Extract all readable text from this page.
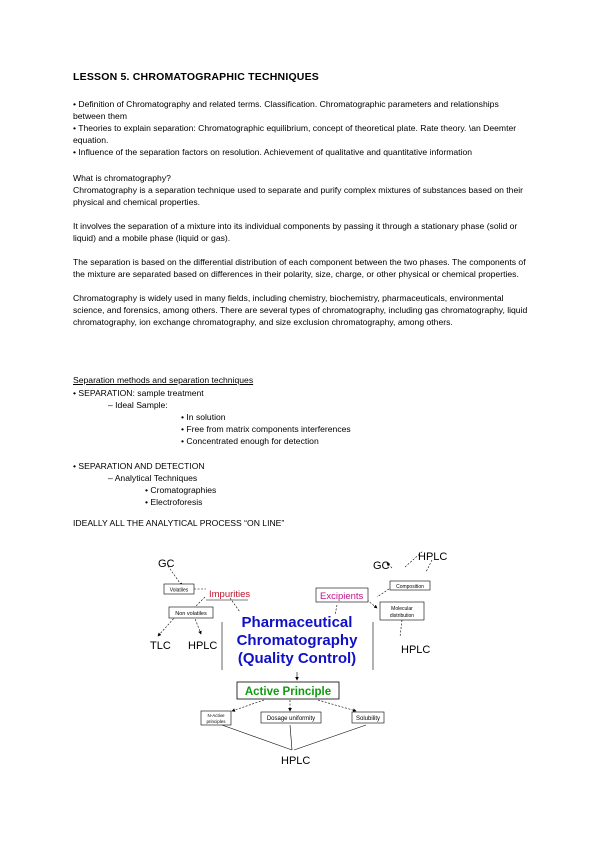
LESSON 5. CHROMATOGRAPHIC TECHNIQUES

• Definition of Chromatography and related terms. Classification. Chromatographic parameters and relationships between them

• Theories to explain separation: Chromatographic equilibrium, concept of theoretical plate. Rate theory. \an Deemter equation.

• Influence of the separation factors on resolution. Achievement of qualitative and quantitative information

What is chromatography?
Chromatography is a separation technique used to separate and purify complex mixtures of substances based on their physical and chemical properties.

It involves the separation of a mixture into its individual components by passing it through a stationary phase (solid or liquid) and a mobile phase (liquid or gas).

The separation is based on the differential distribution of each component between the two phases. The components of the mixture are separated based on differences in their polarity, size, charge, or other physical or chemical properties.

Chromatography is widely used in many fields, including chemistry, biochemistry, pharmaceuticals, environmental science, and forensics, among others. There are several types of chromatography, including gas chromatography, liquid chromatography, ion exchange chromatography, and size exclusion chromatography, among others.

Separation methods and separation techniques
• SEPARATION: sample treatment
– Ideal Sample:
• In solution
• Free from matrix components interferences
• Concentrated enough for detection
• SEPARATION AND DETECTION
– Analytical Techniques
• Cromatographies
• Electroforesis
IDEALLY ALL THE ANALYTICAL PROCESS “ON LINE”
GC
Volatiles Impurities
Non volatiles
TLC HPLC
GC
HPLC
Composition
Excipients
Molecular
distribution
HPLC
Pharmaceutical
Chromatography
(Quality Control)
Active Principle
N-Active
principles	Dosage uniformity	Solubility
HPLC
